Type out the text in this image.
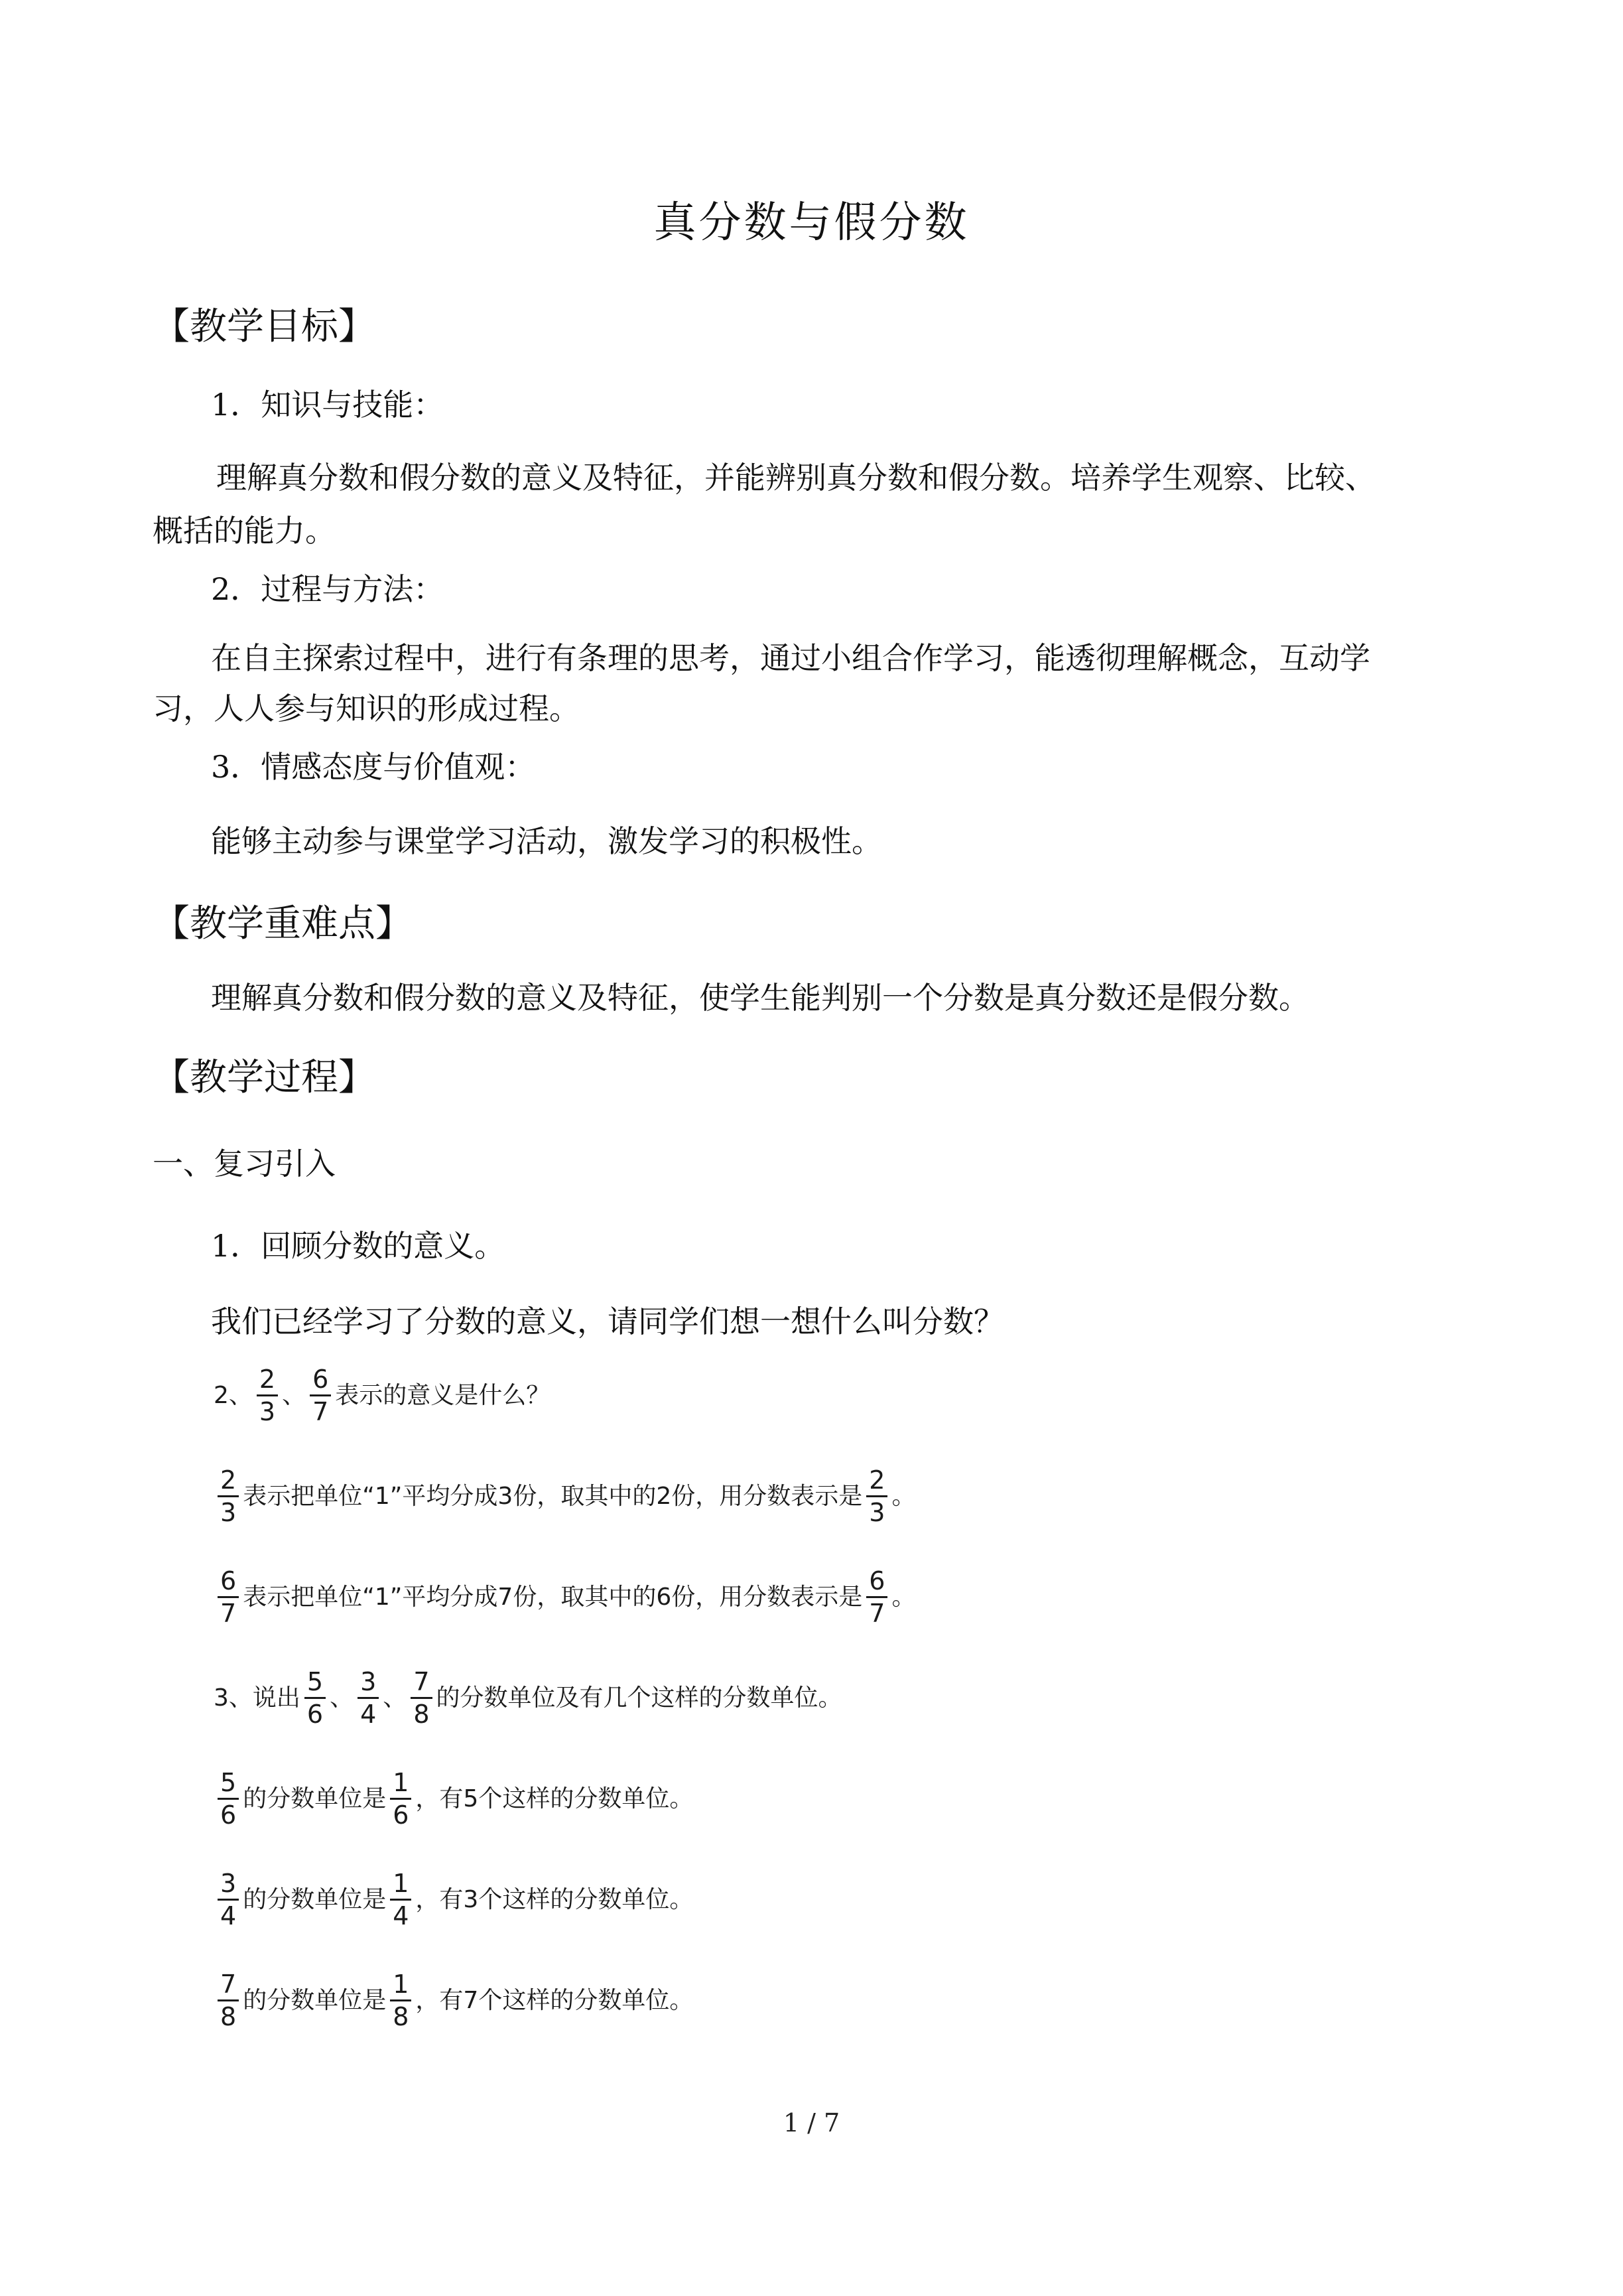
真分数与假分数
【教学目标】
1．知识与技能：
理解真分数和假分数的意义及特征，并能辨别真分数和假分数。培养学生观察、比较、
概括的能力。
2．过程与方法：
在自主探索过程中，进行有条理的思考，通过小组合作学习，能透彻理解概念，互动学
习，人人参与知识的形成过程。
3．情感态度与价值观：
能够主动参与课堂学习活动，激发学习的积极性。
【教学重难点】
理解真分数和假分数的意义及特征，使学生能判别一个分数是真分数还是假分数。
【教学过程】
一、复习引入
1．回顾分数的意义。
我们已经学习了分数的意义，请同学们想一想什么叫分数？
2、 $\frac{2}{3}$ 、 $\frac{6}{7}$ 表示的意义是什么？
$\frac{2}{3}$ 表示把单位“1”平均分成 3 份，取其中的 2 份，用分数表示是 $\frac{2}{3}$ 。
$\frac{6}{7}$ 表示把单位“1”平均分成 7 份，取其中的 6 份，用分数表示是 $\frac{6}{7}$ 。
3、说出 $\frac{5}{6}$ 、 $\frac{3}{4}$ 、 $\frac{7}{8}$ 的分数单位及有几个这样的分数单位。
$\frac{5}{6}$ 的分数单位是 $\frac{1}{6}$ ，有 5 个这样的分数单位。
$\frac{3}{4}$ 的分数单位是 $\frac{1}{4}$ ，有 3 个这样的分数单位。
$\frac{7}{8}$ 的分数单位是 $\frac{1}{8}$ ，有 7 个这样的分数单位。
1 / 7
